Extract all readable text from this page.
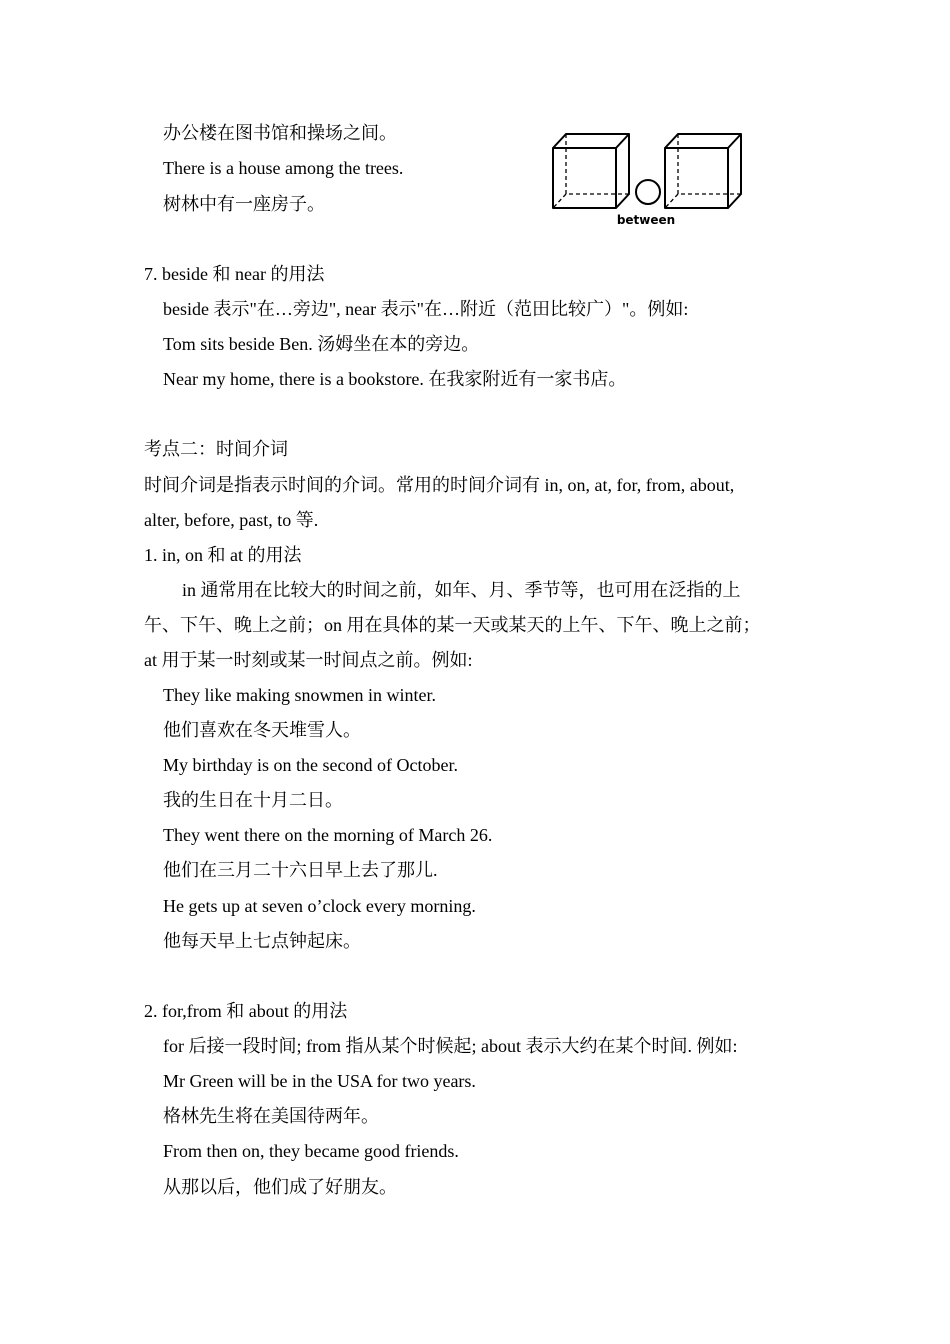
办公楼在图书馆和操场之间。
There is a house among the trees.
树林中有一座房子。
between
7. beside 和 near 的用法
beside 表示"在…旁边", near 表示"在…附近（范田比较广）"。例如:
Tom sits beside Ben. 汤姆坐在本的旁边。
Near my home, there is a bookstore. 在我家附近有一家书店。
考点二：时间介词
时间介词是指表示时间的介词。常用的时间介词有 in, on, at, for, from, about,
alter, before, past, to 等.
1. in, on 和 at 的用法
in 通常用在比较大的时间之前，如年、月、季节等，也可用在泛指的上
午、下午、晚上之前；on 用在具体的某一天或某天的上午、下午、晚上之前；
at 用于某一时刻或某一时间点之前。例如:
They like making snowmen in winter.
他们喜欢在冬天堆雪人。
My birthday is on the second of October.
我的生日在十月二日。
They went there on the morning of March 26.
他们在三月二十六日早上去了那儿.
He gets up at seven o’clock every morning.
他每天早上七点钟起床。
2. for,from 和 about 的用法
for 后接一段时间; from 指从某个时候起; about 表示大约在某个时间. 例如:
Mr Green will be in the USA for two years.
格林先生将在美国待两年。
From then on, they became good friends.
从那以后，他们成了好朋友。
